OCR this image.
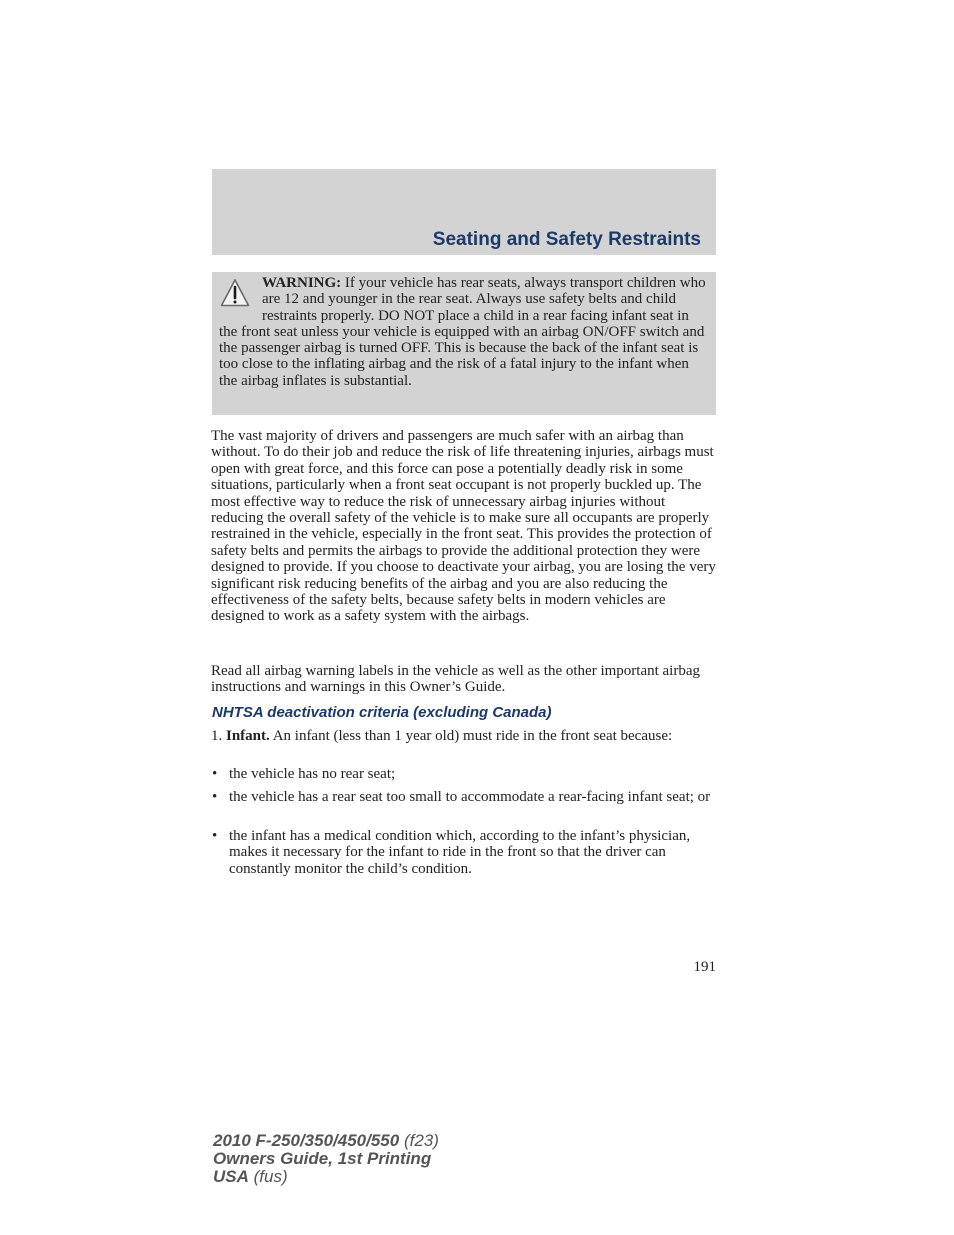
Seating and Safety Restraints
WARNING: If your vehicle has rear seats, always transport children who are 12 and younger in the rear seat. Always use safety belts and child restraints properly. DO NOT place a child in a rear facing infant seat in the front seat unless your vehicle is equipped with an airbag ON/OFF switch and the passenger airbag is turned OFF. This is because the back of the infant seat is too close to the inflating airbag and the risk of a fatal injury to the infant when the airbag inflates is substantial.

The vast majority of drivers and passengers are much safer with an airbag than without. To do their job and reduce the risk of life threatening injuries, airbags must open with great force, and this force can pose a potentially deadly risk in some situations, particularly when a front seat occupant is not properly buckled up. The most effective way to reduce the risk of unnecessary airbag injuries without reducing the overall safety of the vehicle is to make sure all occupants are properly restrained in the vehicle, especially in the front seat. This provides the protection of safety belts and permits the airbags to provide the additional protection they were designed to provide. If you choose to deactivate your airbag, you are losing the very significant risk reducing benefits of the airbag and you are also reducing the effectiveness of the safety belts, because safety belts in modern vehicles are designed to work as a safety system with the airbags.

Read all airbag warning labels in the vehicle as well as the other important airbag instructions and warnings in this Owner’s Guide.

NHTSA deactivation criteria (excluding Canada)

1. Infant. An infant (less than 1 year old) must ride in the front seat because:

• the vehicle has no rear seat;
• the vehicle has a rear seat too small to accommodate a rear-facing infant seat; or
• the infant has a medical condition which, according to the infant’s physician, makes it necessary for the infant to ride in the front so that the driver can constantly monitor the child’s condition.
191
2010 F-250/350/450/550 (f23)
Owners Guide, 1st Printing
USA (fus)
